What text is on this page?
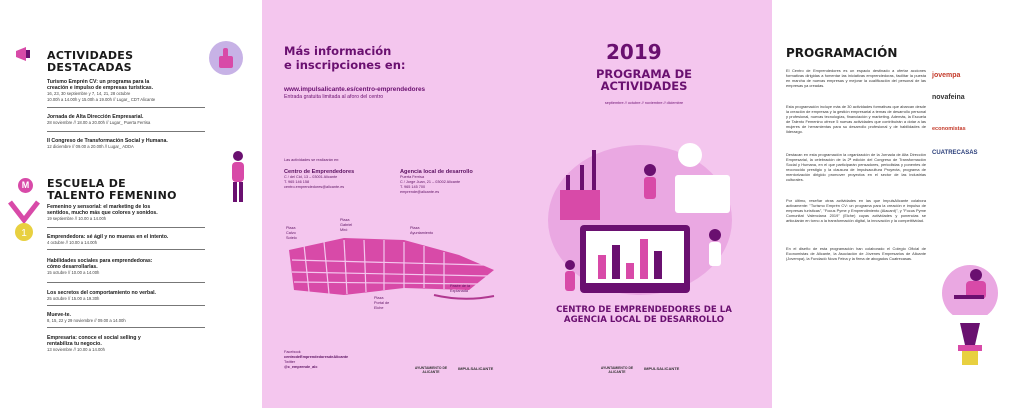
ACTIVIDADES
DESTACADAS
Turismo Emprén CV: un programa para la
creación e impulso de empresas turísticas.
16, 23, 30 septiembre y 7, 14, 21, 28 octubre
10.00h a 14.00h y 15.00h a 19.00h // Lugar_ CDT Alicante
Jornada de Alta Dirección Empresarial.
28 noviembre // 18.00 a 20.00h // Lugar_ Puerta Ferrisa
II Congreso de Transformación Social y Humana.
12 diciembre // 09.00 a 20.00h // Lugar_ ADDA
M	ESCUELA DE
TALENTO FEMENINO
1
Femenino y sensorial: el marketing de los
sentidos, mucho más que colores y sonidos.
19 septiembre // 10.00 a 14.00h
Emprendedora: sé ágil y no mueras en el intento.
4 octubre // 10.00 a 14.00h
Habilidades sociales para emprendedoras:
cómo desarrollarlas.
15 octubre // 10.00 a 14.00h
Los secretos del comportamiento no verbal.
25 octubre // 15.00 a 19.30h
Mueve-te.
8, 15, 22 y 29 noviembre // 09.00 a 14.00h
Empresaria: conoce el social selling y
rentabiliza tu negocio.
13 noviembre // 10.00 a 14.00h
Más información
e inscripciones en:
www.impulsalicante.es/centro-emprendedores
Entrada gratuita limitada al aforo del centro
Las actividades se realizarán en:
Centro de Emprendedores
C / del Cid, 13 – 03001 Alicante
T. 965 146 158
centro.emprendedores@alicante.es
Agencia local de desarrollo
Puerta Ferrisa
C / Jorge Juan, 21 – 03002 Alicante
T. 965 145 700
emprende@alicante.es
Plaza Calvo Sotelo
Plaza Gabriel Miró	Plaza Ayuntamiento
Plaza Portal de Elche
Pasée de la Explanada
Facebook
centrodeEmprendedoresdeAlicante
Twitter
@c_emprende_alc	AYUNTAMIENTO DE ALICANTE
IMPULSALICANTE
2019
PROGRAMA DE
ACTIVIDADES
septiembre // octubre // noviembre // diciembre
CENTRO DE EMPRENDEDORES DE LA
AGENCIA LOCAL DE DESARROLLO
AYUNTAMIENTO DE ALICANTE
IMPULSALICANTE
PROGRAMACIÓN
El Centro de Emprendedores es un espacio destinado a ofertar acciones formativas dirigidas a fomentar las iniciativas emprendedoras, facilitar la puesta en marcha de nuevas empresas y mejorar la cualificación del personal de las empresas ya creadas.
Esta programación incluye más de 30 actividades formativas que abarcan desde la creación de empresas y la gestión empresarial a temas de desarrollo personal y profesional, nuevas tecnologías, financiación y marketing. Además, la Escuela de Talento Femenino ofrece 5 nuevas actividades que contribuirán a dotar a las mujeres de herramientas para su desarrollo profesional y de habilidades de liderazgo.
Destacan en esta programación la organización de la Jornada de Alta Dirección Empresarial, la celebración de la 2ª edición del Congreso de Transformación Social y Humana, en el que participarán pensadores, periodistas y ponentes de reconocido prestigio y la clausura de Impulsacultura Proyecta, programa de mentorización dirigido promover proyectos en el sector de las industrias culturales.
Por último, reseñar otras actividades en las que ImpulsAlicante colabora activamente: "Turismo Emprén CV: un programa para la creación e impulso de empresas turísticas", "Focus Pyme y Emprendimiento (Alacant)", y "Focus Pyme Comunitat Valenciana 2019" (Elche) cuyas actividades y ponencias se articularán en torno a la transformación digital, la innovación y la competitividad.
En el diseño de esta programación han colaborado el Colegio Oficial de Economistas de Alicante, la Asociación de Jóvenes Empresarios de Alicante (Jovempa), la Fundació Nova Feina y la firma de abogados Cuatrecasas.
jovempa
novafeina
economistas
CUATRECASAS
